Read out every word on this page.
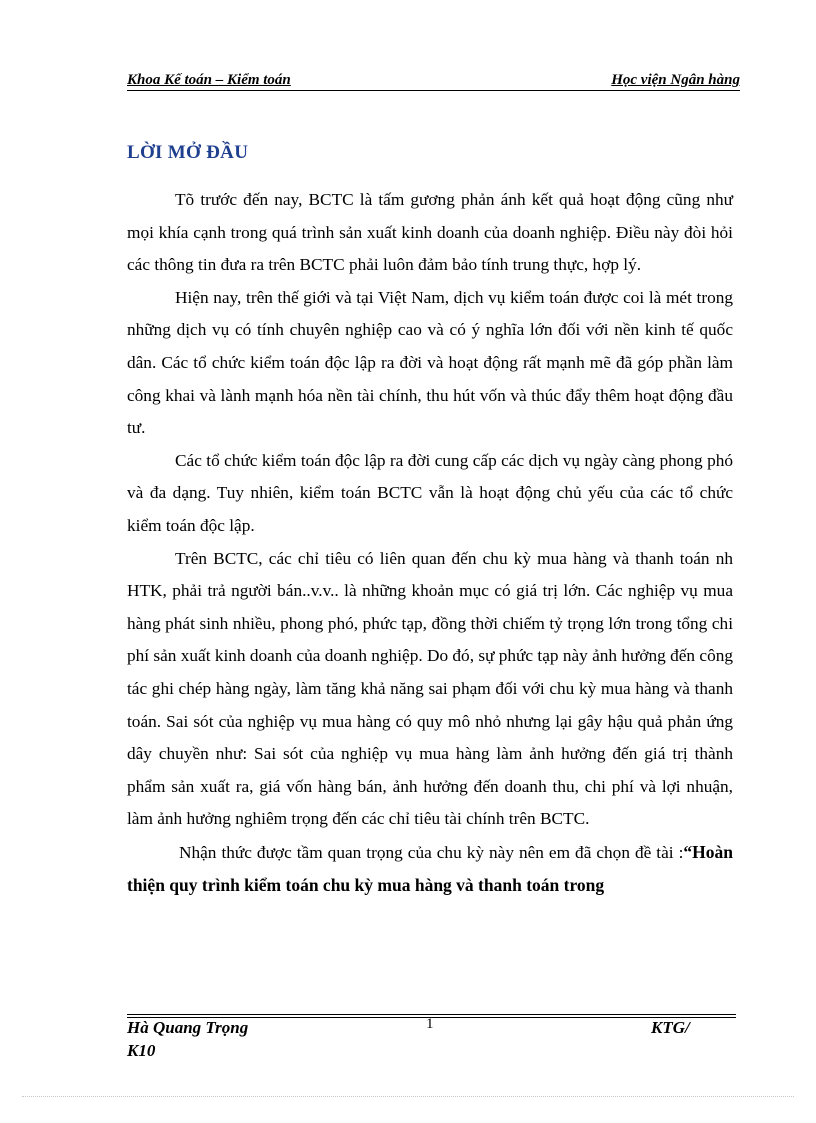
Khoa Kế toán – Kiểm toán	Học viện Ngân hàng
LỜI MỞ ĐẦU

Tõ trước đến nay, BCTC là tấm gương phản ánh kết quả hoạt động cũng như mọi khía cạnh trong quá trình sản xuất kinh doanh của doanh nghiệp. Điều này đòi hỏi các thông tin đưa ra trên BCTC phải luôn đảm bảo tính trung thực, hợp lý.

Hiện nay, trên thế giới và tại Việt Nam, dịch vụ kiểm toán được coi là mét trong những dịch vụ có tính chuyên nghiệp cao và có ý nghĩa lớn đối với nền kinh tế quốc dân. Các tổ chức kiểm toán độc lập ra đời và hoạt động rất mạnh mẽ đã góp phần làm công khai và lành mạnh hóa nền tài chính, thu hút vốn và thúc đẩy thêm hoạt động đầu tư.

Các tổ chức kiểm toán độc lập ra đời cung cấp các dịch vụ ngày càng phong phó và đa dạng. Tuy nhiên, kiểm toán BCTC vẫn là hoạt động chủ yếu của các tổ chức kiểm toán độc lập.

Trên BCTC, các chỉ tiêu có liên quan đến chu kỳ mua hàng và thanh toán nh HTK, phải trả người bán..v.v.. là những khoản mục có giá trị lớn. Các nghiệp vụ mua hàng phát sinh nhiều, phong phó, phức tạp, đồng thời chiếm tỷ trọng lớn trong tổng chi phí sản xuất kinh doanh của doanh nghiệp. Do đó, sự phức tạp này ảnh hưởng đến công tác ghi chép hàng ngày, làm tăng khả năng sai phạm đối với chu kỳ mua hàng và thanh toán. Sai sót của nghiệp vụ mua hàng có quy mô nhỏ nhưng lại gây hậu quả phản ứng dây chuyền như: Sai sót của nghiệp vụ mua hàng làm ảnh hưởng đến giá trị thành phẩm sản xuất ra, giá vốn hàng bán, ảnh hưởng đến doanh thu, chi phí và lợi nhuận, làm ảnh hưởng nghiêm trọng đến các chỉ tiêu tài chính trên BCTC.

Nhận thức được tầm quan trọng của chu kỳ này nên em đã chọn đề tài :“Hoàn thiện quy trình kiểm toán chu kỳ mua hàng và thanh toán trong

Hà Quang Trọng
K10
1	KTG/
